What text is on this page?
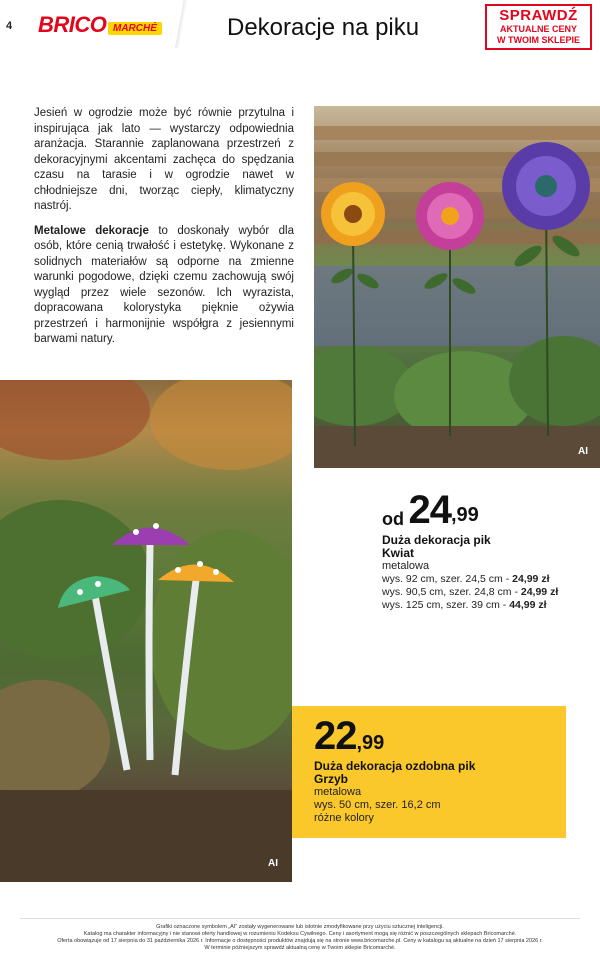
4 BRICO MARCHÉ	Dekoracje na piku	SPRAWDŹ
AKTUALNE CENY
W TWOIM SKLEPIE

Jesień w ogrodzie może być równie przytulna i inspirująca jak lato — wystarczy odpowiednia aranżacja. Starannie zaplanowana przestrzeń z dekoracyjnymi akcentami zachęca do spędzania czasu na tarasie i w ogrodzie nawet w chłodniejsze dni, tworząc ciepły, klimatyczny nastrój.

Metalowe dekoracje to doskonały wybór dla osób, które cenią trwałość i estetykę. Wykonane z solidnych materiałów są odporne na zmienne warunki pogodowe, dzięki czemu zachowują swój wygląd przez wiele sezonów. Ich wyrazista, dopracowana kolorystyka pięknie ożywia przestrzeń i harmonijnie współgra z jesiennymi barwami natury.

AI
AI
od 24,99
Duża dekoracja pik
Kwiat
metalowa
wys. 92 cm, szer. 24,5 cm - 24,99 zł
wys. 90,5 cm, szer. 24,8 cm - 24,99 zł
wys. 125 cm, szer. 39 cm - 44,99 zł
22,99
Duża dekoracja ozdobna pik
Grzyb
metalowa
wys. 50 cm, szer. 16,2 cm
różne kolory
Grafiki oznaczone symbolem „AI” zostały wygenerowane lub istotnie zmodyfikowane przy użyciu sztucznej inteligencji.
Katalog ma charakter informacyjny i nie stanowi oferty handlowej w rozumieniu Kodeksu Cywilnego. Ceny i asortyment mogą się różnić w poszczególnych sklepach Bricomarché.
Oferta obowiązuje od 17 sierpnia do 31 października 2026 r. Informacje o dostępności produktów znajdują się na stronie www.bricomarche.pl. Ceny w katalogu są aktualne na dzień 17 sierpnia 2026 r.
W terminie późniejszym sprawdź aktualną cenę w Twoim sklepie Bricomarché.
